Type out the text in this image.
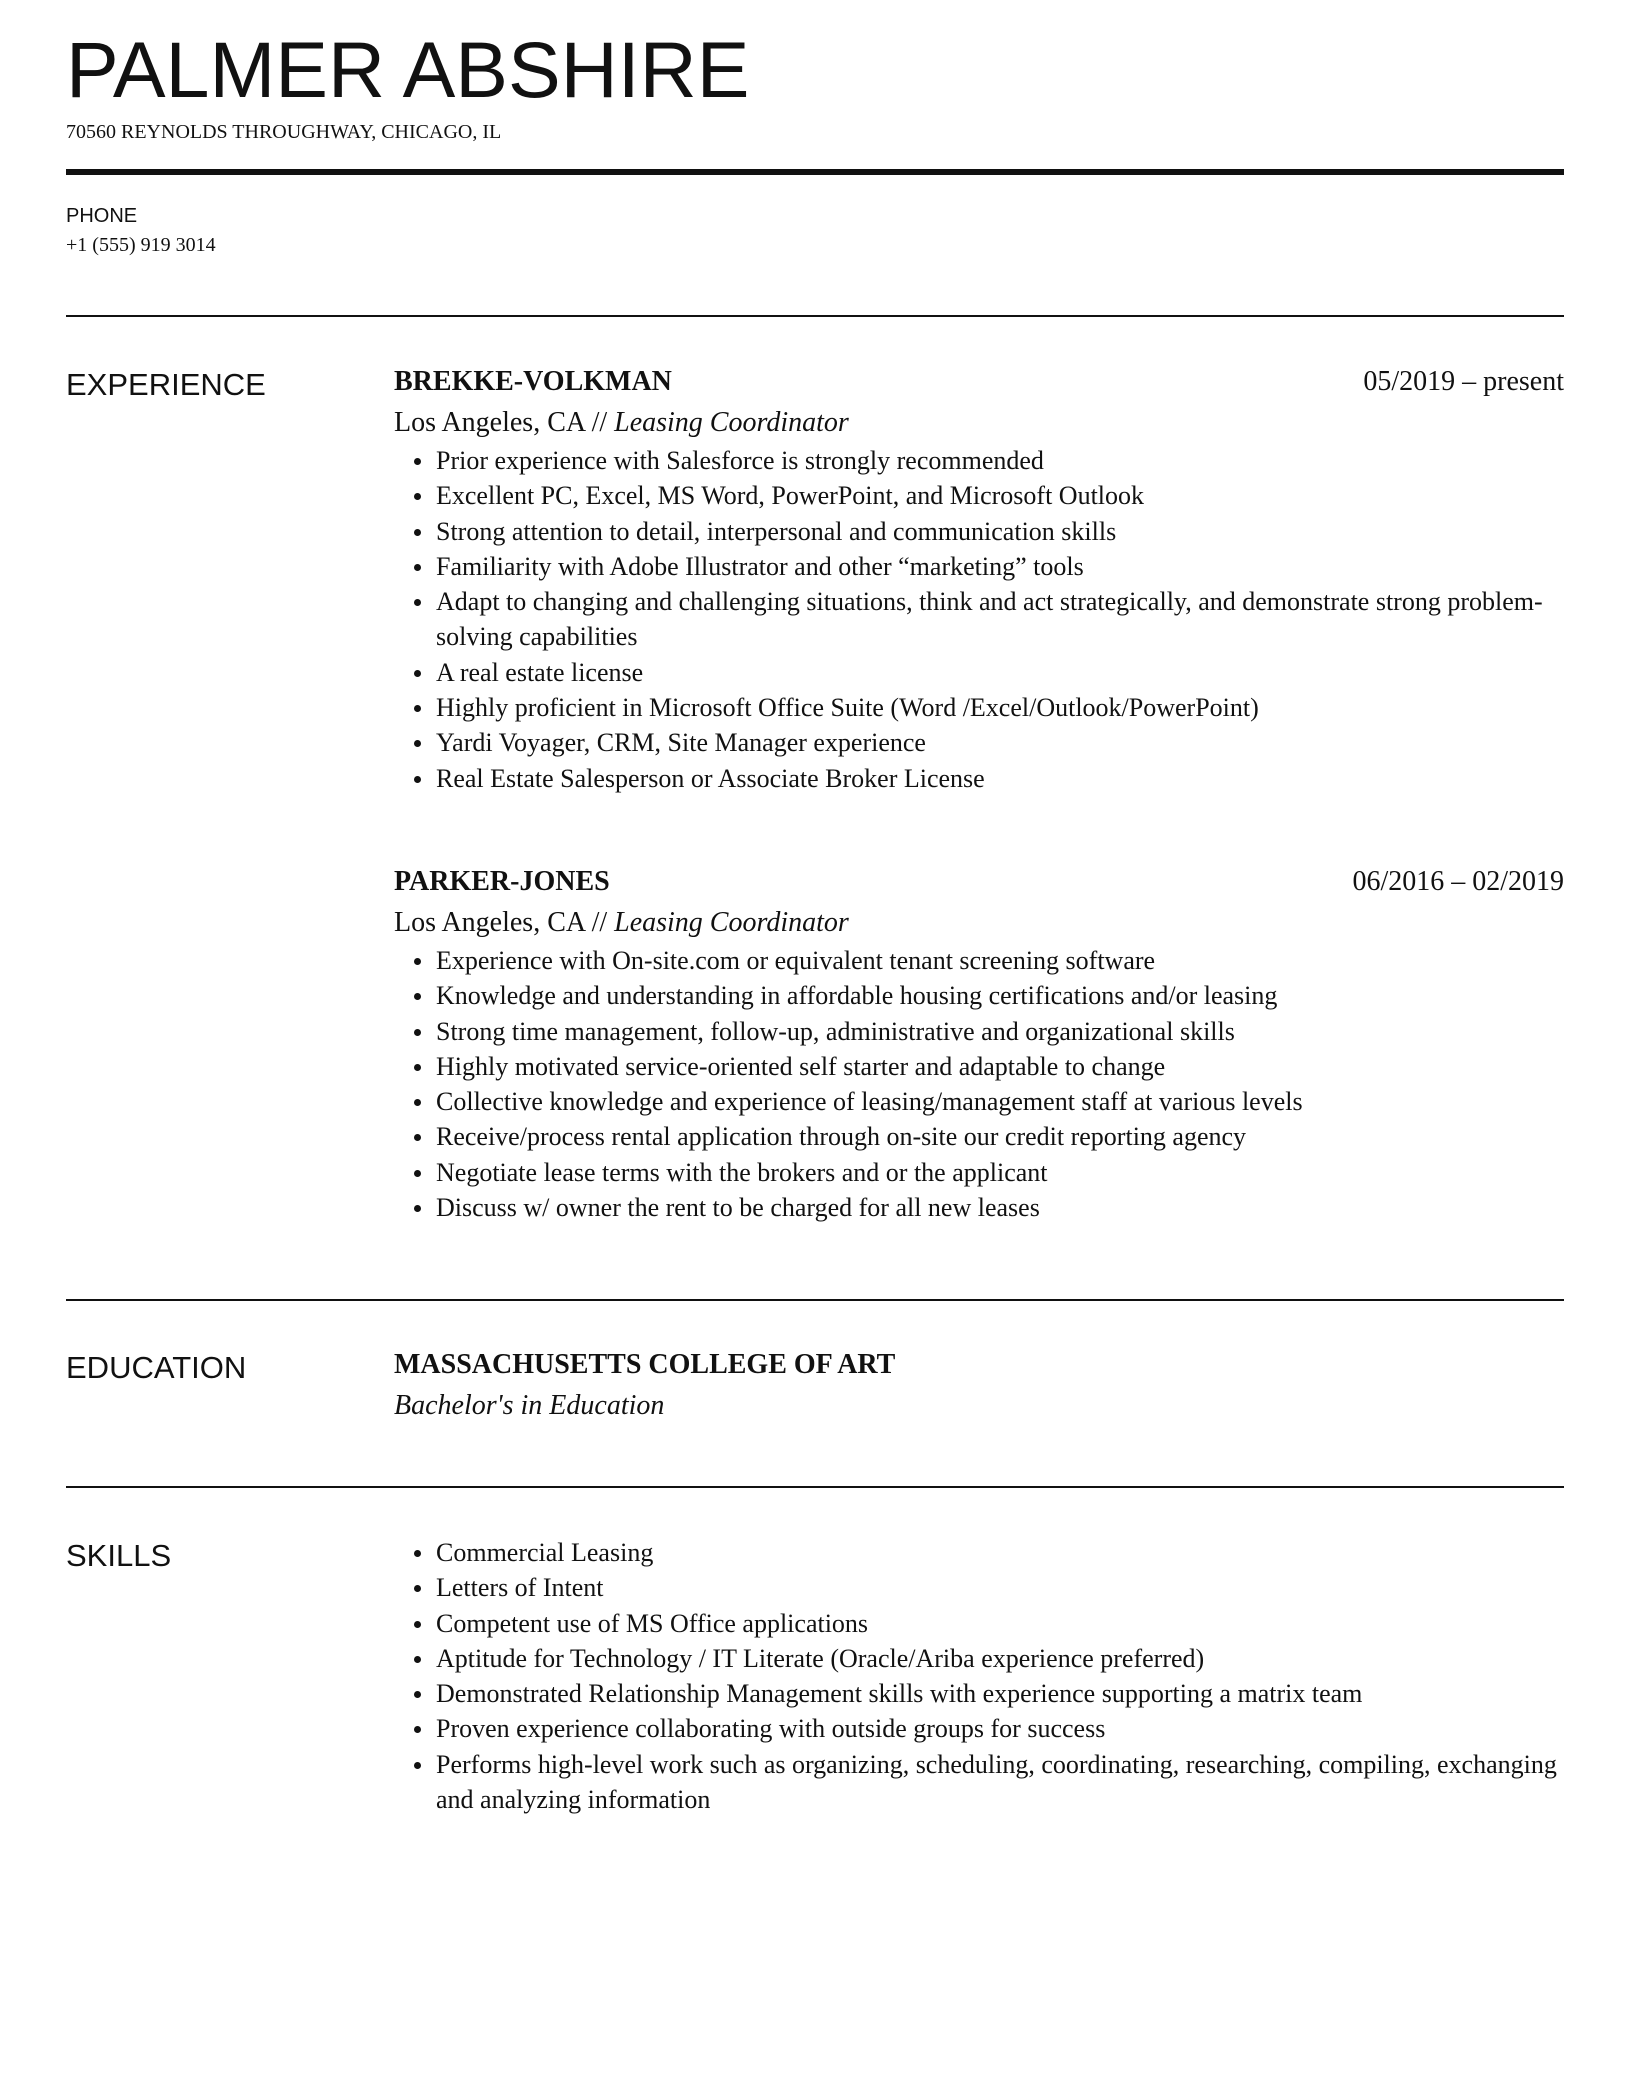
PALMER ABSHIRE
70560 REYNOLDS THROUGHWAY, CHICAGO, IL
PHONE
+1 (555) 919 3014
EXPERIENCE	BREKKE-VOLKMAN	05/2019 – present
Los Angeles, CA // Leasing Coordinator
Prior experience with Salesforce is strongly recommended
Excellent PC, Excel, MS Word, PowerPoint, and Microsoft Outlook
Strong attention to detail, interpersonal and communication skills
Familiarity with Adobe Illustrator and other “marketing” tools
Adapt to changing and challenging situations, think and act strategically, and demonstrate strong problem-solving capabilities
A real estate license
Highly proficient in Microsoft Office Suite (Word /Excel/Outlook/PowerPoint)
Yardi Voyager, CRM, Site Manager experience
Real Estate Salesperson or Associate Broker License
PARKER-JONES	06/2016 – 02/2019
Los Angeles, CA // Leasing Coordinator
Experience with On-site.com or equivalent tenant screening software
Knowledge and understanding in affordable housing certifications and/or leasing
Strong time management, follow-up, administrative and organizational skills
Highly motivated service-oriented self starter and adaptable to change
Collective knowledge and experience of leasing/management staff at various levels
Receive/process rental application through on-site our credit reporting agency
Negotiate lease terms with the brokers and or the applicant
Discuss w/ owner the rent to be charged for all new leases
EDUCATION	MASSACHUSETTS COLLEGE OF ART
Bachelor's in Education
SKILLS	Commercial Leasing
Letters of Intent
Competent use of MS Office applications
Aptitude for Technology / IT Literate (Oracle/Ariba experience preferred)
Demonstrated Relationship Management skills with experience supporting a matrix team
Proven experience collaborating with outside groups for success
Performs high-level work such as organizing, scheduling, coordinating, researching, compiling, exchanging and analyzing information
